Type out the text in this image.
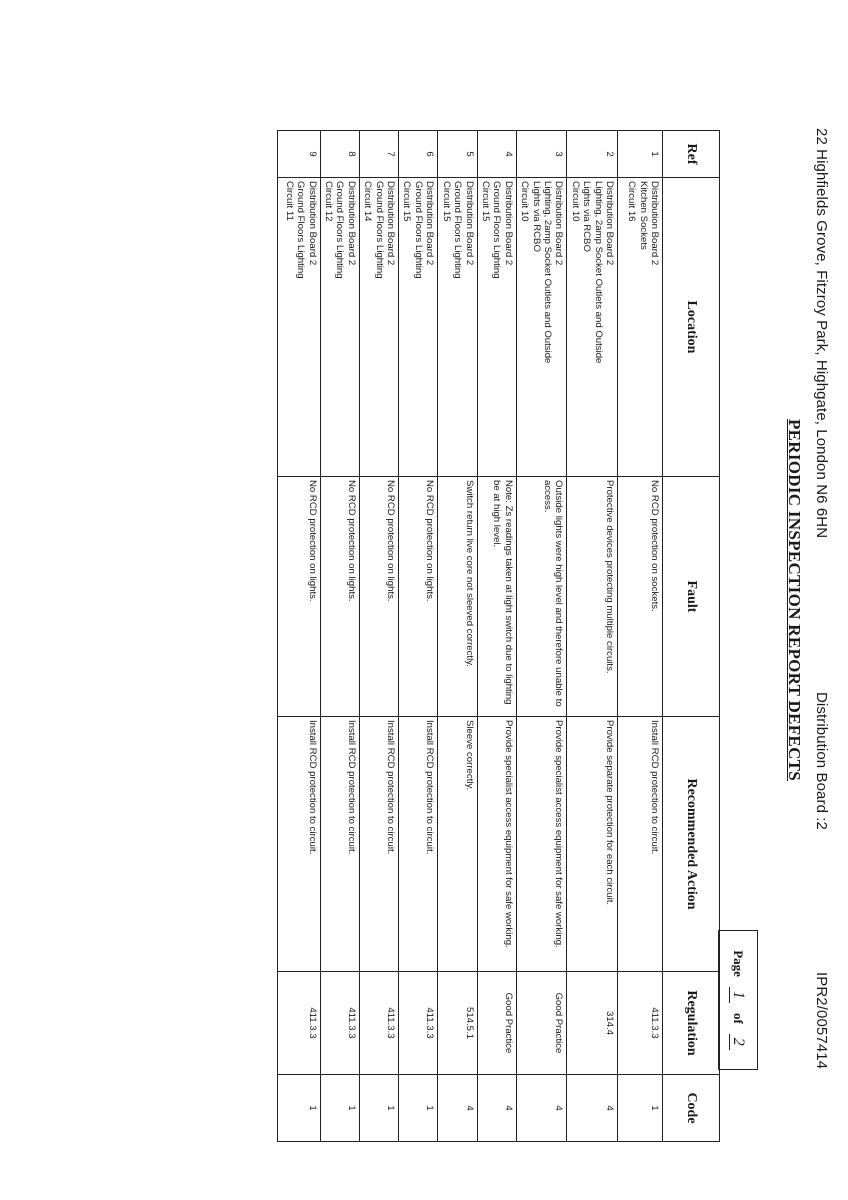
22 Highfields Grove, Fitzroy Park, Highgate, London N6 6HN
Distribution Board :2
IPR2/0057414
PERIODIC INSPECTION REPORT DEFECTS
Ref	Location	Fault	Recommended Action	Regulation	Code
1	Distribution Board 2
Kitchen Sockets
Circuit 16	No RCD protection on sockets.	Install RCD protection to circuit.	411.3.3	1
2	Distribution Board 2
Lighting, 2amp Socket Outlets and Outside
Lights via RCBO
Circuit 10	Protective devices protecting multiple circuits.	Provide separate protection for each circuit.	314.4	4
3	Distribution Board 2
Lighting, 2amp Socket Outlets and Outside
Lights via RCBO
Circuit 10	Outside lights were high level and therefore unable to access.	Provide specialist access equipment for safe working.	Good Practice	4
4	Distribution Board 2
Ground Floors Lighting
Circuit 15	Note: Zs readings taken at light switch due to lighting be at high level.	Provide specialist access equipment for safe working.	Good Practice	4
5	Distribution Board 2
Ground Floors Lighting
Circuit 15	Switch return live core not sleeved correctly.	Sleeve correctly.	514.5.1	4
6	Distribution Board 2
Ground Floors Lighting
Circuit 15	No RCD protection on lights.	Install RCD protection to circuit.	411.3.3	1
7	Distribution Board 2
Ground Floors Lighting
Circuit 14	No RCD protection on lights.	Install RCD protection to circuit.	411.3.3	1
8	Distribution Board 2
Ground Floors Lighting
Circuit 12	No RCD protection on lights.	Install RCD protection to circuit.	411.3.3	1
9	Distribution Board 2
Ground Floors Lighting
Circuit 11	No RCD protection on lights.	Install RCD protection to circuit.	411.3.3	1
Page
1
of
2
